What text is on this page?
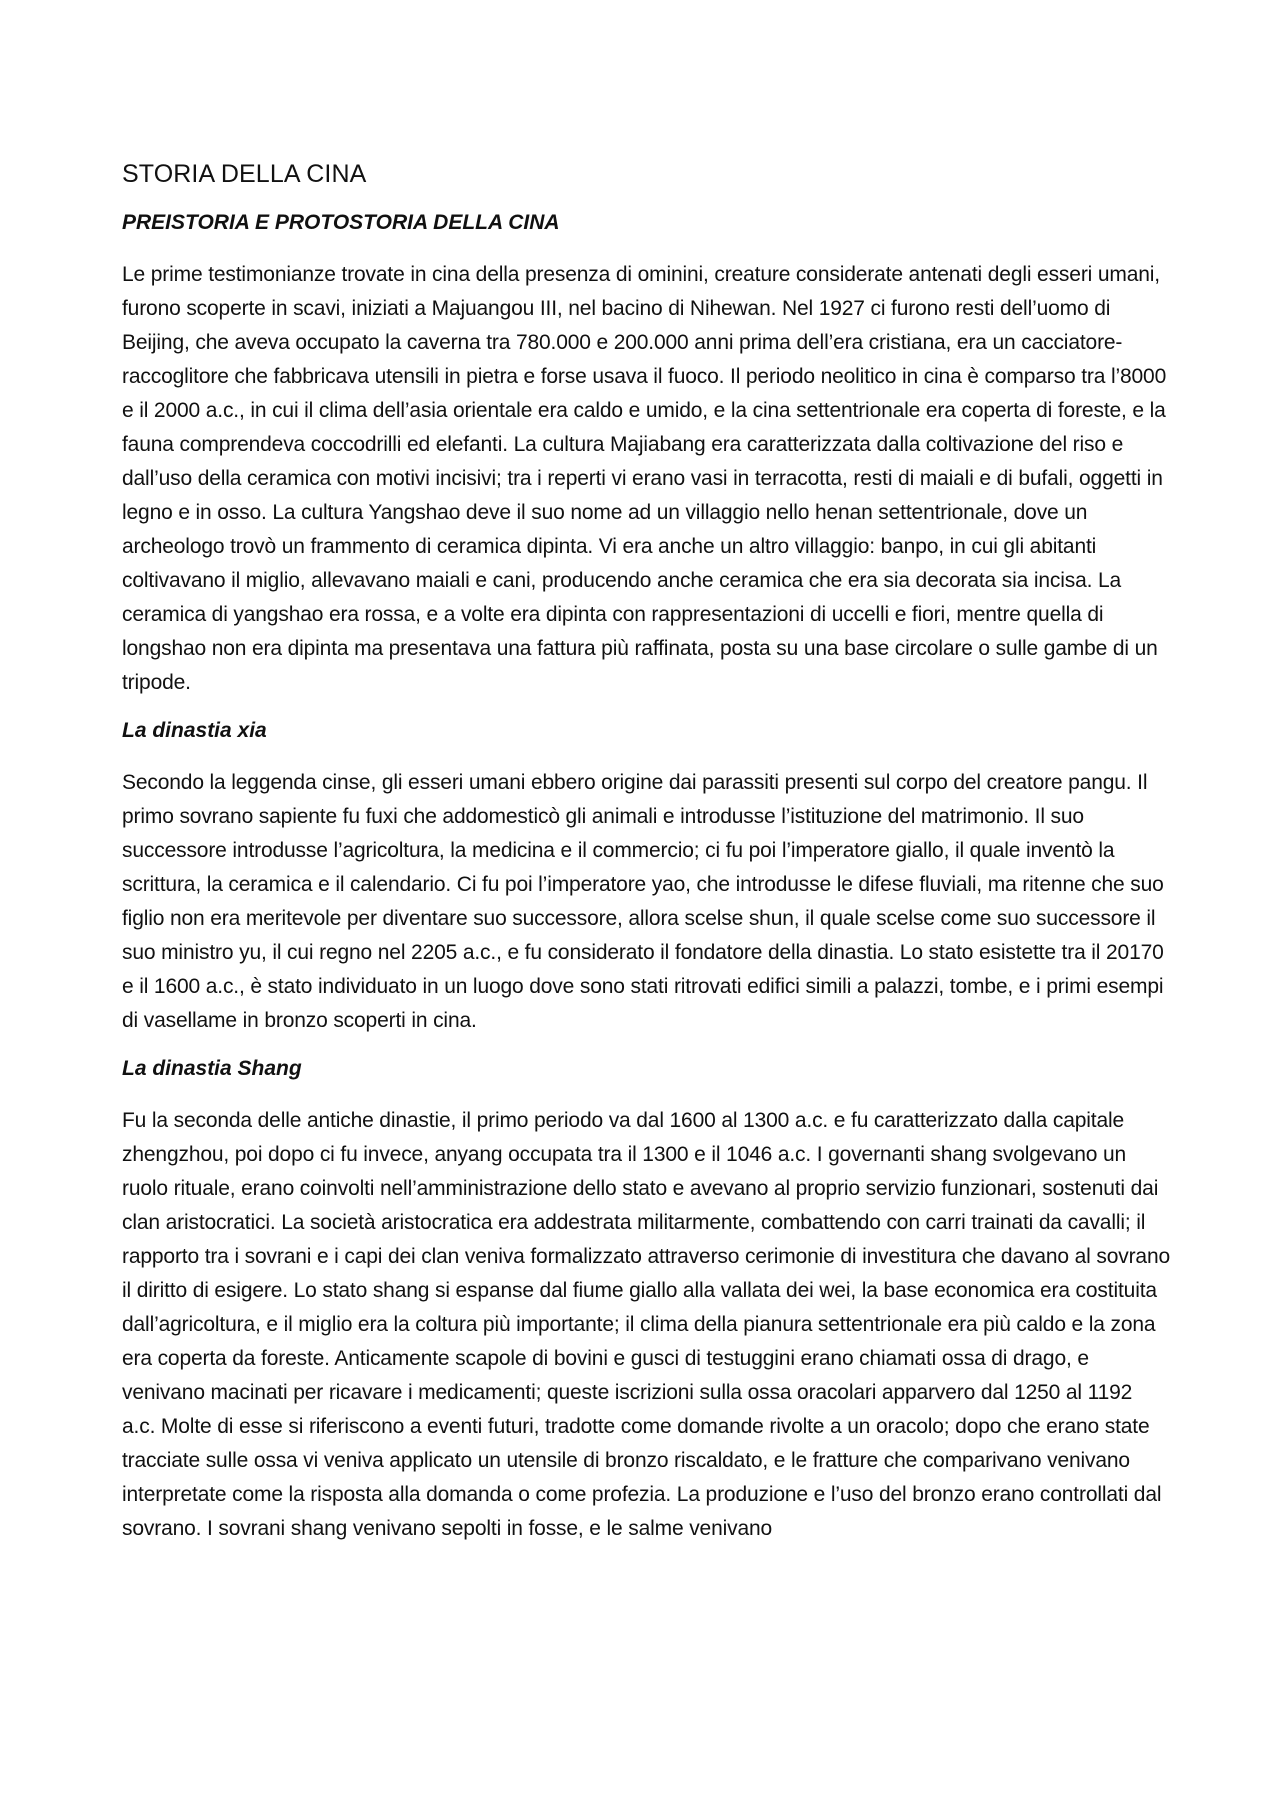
STORIA DELLA CINA
PREISTORIA E PROTOSTORIA DELLA CINA

Le prime testimonianze trovate in cina della presenza di ominini, creature considerate antenati degli esseri umani, furono scoperte in scavi, iniziati a Majuangou III, nel bacino di Nihewan. Nel 1927 ci furono resti dell’uomo di Beijing, che aveva occupato la caverna tra 780.000 e 200.000 anni prima dell’era cristiana, era un cacciatore-raccoglitore che fabbricava utensili in pietra e forse usava il fuoco. Il periodo neolitico in cina è comparso tra l’8000 e il 2000 a.c., in cui il clima dell’asia orientale era caldo e umido, e la cina settentrionale era coperta di foreste, e la fauna comprendeva coccodrilli ed elefanti. La cultura Majiabang era caratterizzata dalla coltivazione del riso e dall’uso della ceramica con motivi incisivi; tra i reperti vi erano vasi in terracotta, resti di maiali e di bufali, oggetti in legno e in osso. La cultura Yangshao deve il suo nome ad un villaggio nello henan settentrionale, dove un archeologo trovò un frammento di ceramica dipinta. Vi era anche un altro villaggio: banpo, in cui gli abitanti coltivavano il miglio, allevavano maiali e cani, producendo anche ceramica che era sia decorata sia incisa. La ceramica di yangshao era rossa, e a volte era dipinta con rappresentazioni di uccelli e fiori, mentre quella di longshao non era dipinta ma presentava una fattura più raffinata, posta su una base circolare o sulle gambe di un tripode.

La dinastia xia

Secondo la leggenda cinse, gli esseri umani ebbero origine dai parassiti presenti sul corpo del creatore pangu. Il primo sovrano sapiente fu fuxi che addomesticò gli animali e introdusse l’istituzione del matrimonio. Il suo successore introdusse l’agricoltura, la medicina e il commercio; ci fu poi l’imperatore giallo, il quale inventò la scrittura, la ceramica e il calendario. Ci fu poi l’imperatore yao, che introdusse le difese fluviali, ma ritenne che suo figlio non era meritevole per diventare suo successore, allora scelse shun, il quale scelse come suo successore il suo ministro yu, il cui regno nel 2205 a.c., e fu considerato il fondatore della dinastia. Lo stato esistette tra il 20170 e il 1600 a.c., è stato individuato in un luogo dove sono stati ritrovati edifici simili a palazzi, tombe, e i primi esempi di vasellame in bronzo scoperti in cina.

La dinastia Shang

Fu la seconda delle antiche dinastie, il primo periodo va dal 1600 al 1300 a.c. e fu caratterizzato dalla capitale zhengzhou, poi dopo ci fu invece, anyang occupata tra il 1300 e il 1046 a.c. I governanti shang svolgevano un ruolo rituale, erano coinvolti nell’amministrazione dello stato e avevano al proprio servizio funzionari, sostenuti dai clan aristocratici. La società aristocratica era addestrata militarmente, combattendo con carri trainati da cavalli; il rapporto tra i sovrani e i capi dei clan veniva formalizzato attraverso cerimonie di investitura che davano al sovrano il diritto di esigere. Lo stato shang si espanse dal fiume giallo alla vallata dei wei, la base economica era costituita dall’agricoltura, e il miglio era la coltura più importante; il clima della pianura settentrionale era più caldo e la zona era coperta da foreste. Anticamente scapole di bovini e gusci di testuggini erano chiamati ossa di drago, e venivano macinati per ricavare i medicamenti; queste iscrizioni sulla ossa oracolari apparvero dal 1250 al 1192 a.c. Molte di esse si riferiscono a eventi futuri, tradotte come domande rivolte a un oracolo; dopo che erano state tracciate sulle ossa vi veniva applicato un utensile di bronzo riscaldato, e le fratture che comparivano venivano interpretate come la risposta alla domanda o come profezia. La produzione e l’uso del bronzo erano controllati dal sovrano. I sovrani shang venivano sepolti in fosse, e le salme venivano
